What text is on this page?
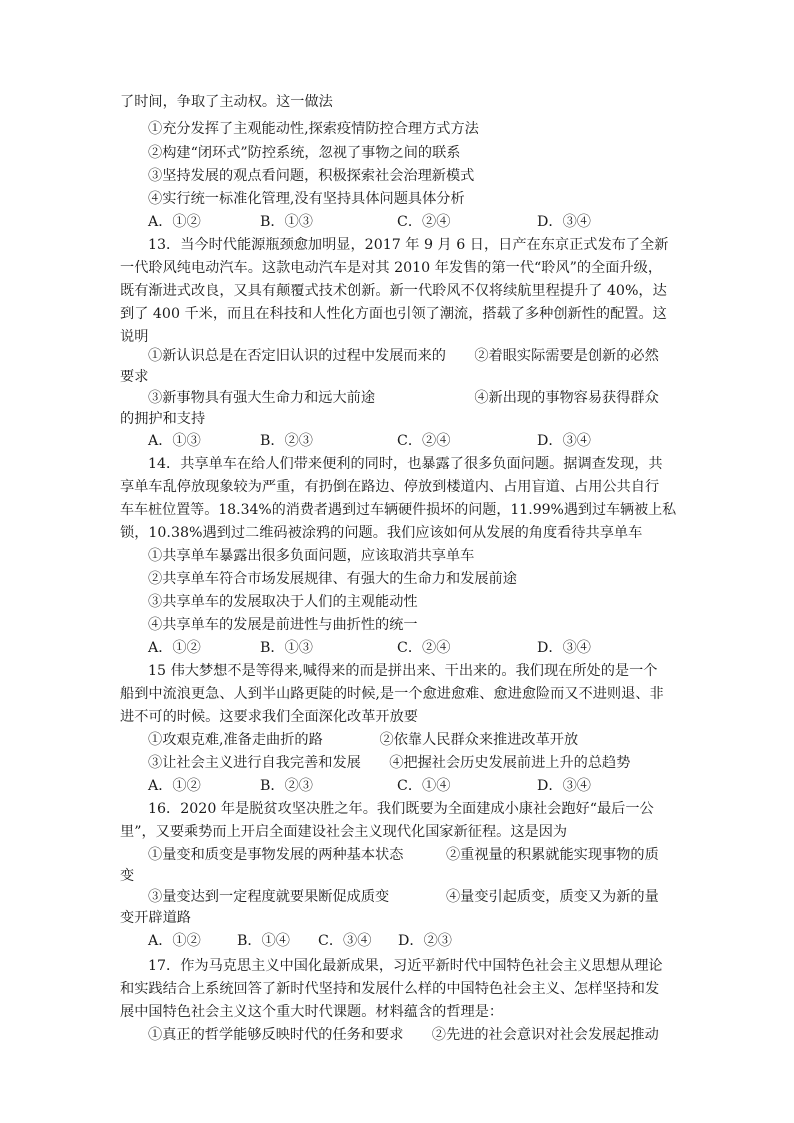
了时间，争取了主动权。这一做法
①充分发挥了主观能动性,探索疫情防控合理方式方法
②构建“闭环式”防控系统，忽视了事物之间的联系
③坚持发展的观点看问题，积极探索社会治理新模式
④实行统一标准化管理,没有坚持具体问题具体分析
A．①②	B．①③	C．②④	D．③④
13．当今时代能源瓶颈愈加明显，2017 年 9 月 6 日，日产在东京正式发布了全新
一代聆风纯电动汽车。这款电动汽车是对其 2010 年发售的第一代“聆风”的全面升级，
既有渐进式改良，又具有颠覆式技术创新。新一代聆风不仅将续航里程提升了 40%，达
到了 400 千米，而且在科技和人性化方面也引领了潮流，搭载了多种创新性的配置。这
说明
①新认识总是在否定旧认识的过程中发展而来的　　②着眼实际需要是创新的必然
要求
③新事物具有强大生命力和远大前途　　　　　　　④新出现的事物容易获得群众
的拥护和支持
A．①③	B．②③	C．②④	D．③④
14．共享单车在给人们带来便利的同时，也暴露了很多负面问题。据调查发现，共
享单车乱停放现象较为严重，有扔倒在路边、停放到楼道内、占用盲道、占用公共自行
车车桩位置等。18.34%的消费者遇到过车辆硬件损坏的问题，11.99%遇到过车辆被上私
锁，10.38%遇到过二维码被涂鸦的问题。我们应该如何从发展的角度看待共享单车
①共享单车暴露出很多负面问题，应该取消共享单车
②共享单车符合市场发展规律、有强大的生命力和发展前途
③共享单车的发展取决于人们的主观能动性
④共享单车的发展是前进性与曲折性的统一
A．①②	B．①③	C．②④	D．③④
15 伟大梦想不是等得来,喊得来的而是拼出来、干出来的。我们现在所处的是一个
船到中流浪更急、人到半山路更陡的时候,是一个愈进愈难、愈进愈险而又不进则退、非
进不可的时候。这要求我们全面深化改革开放要
①攻艰克难,准备走曲折的路　　　　②依靠人民群众来推进改革开放
③让社会主义进行自我完善和发展　　④把握社会历史发展前进上升的总趋势
A．①②	B．②③	C．①④	D．③④
16．2020 年是脱贫攻坚决胜之年。我们既要为全面建成小康社会跑好“最后一公
里”，又要乘势而上开启全面建设社会主义现代化国家新征程。这是因为
①量变和质变是事物发展的两种基本状态　　　②重视量的积累就能实现事物的质
变
③量变达到一定程度就要果断促成质变　　　　④量变引起质变，质变又为新的量
变开辟道路
A．①②	B．①④ C．③④ D．②③
17．作为马克思主义中国化最新成果，习近平新时代中国特色社会主义思想从理论
和实践结合上系统回答了新时代坚持和发展什么样的中国特色社会主义、怎样坚持和发
展中国特色社会主义这个重大时代课题。材料蕴含的哲理是：
①真正的哲学能够反映时代的任务和要求　　②先进的社会意识对社会发展起推动
